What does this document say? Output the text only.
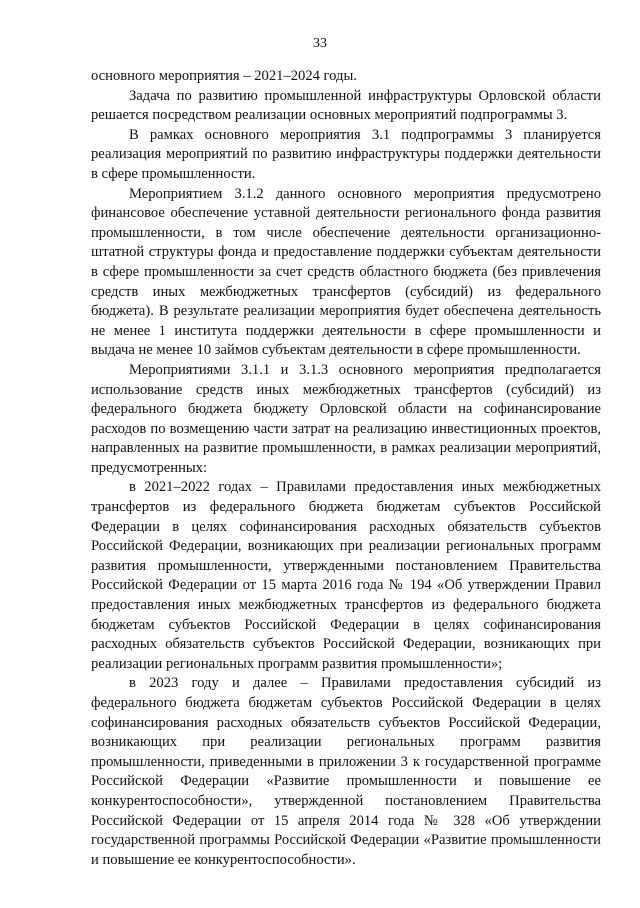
33

основного мероприятия – 2021–2024 годы.

Задача по развитию промышленной инфраструктуры Орловской области решается посредством реализации основных мероприятий подпрограммы 3.

В рамках основного мероприятия 3.1 подпрограммы 3 планируется реализация мероприятий по развитию инфраструктуры поддержки деятельности в сфере промышленности.

Мероприятием 3.1.2 данного основного мероприятия предусмотрено финансовое обеспечение уставной деятельности регионального фонда развития промышленности, в том числе обеспечение деятельности организационно-штатной структуры фонда и предоставление поддержки субъектам деятельности в сфере промышленности за счет средств областного бюджета (без привлечения средств иных межбюджетных трансфертов (субсидий) из федерального бюджета). В результате реализации мероприятия будет обеспечена деятельность не менее 1 института поддержки деятельности в сфере промышленности и выдача не менее 10 займов субъектам деятельности в сфере промышленности.

Мероприятиями 3.1.1 и 3.1.3 основного мероприятия предполагается использование средств иных межбюджетных трансфертов (субсидий) из федерального бюджета бюджету Орловской области на софинансирование расходов по возмещению части затрат на реализацию инвестиционных проектов, направленных на развитие промышленности, в рамках реализации мероприятий, предусмотренных:

в 2021–2022 годах – Правилами предоставления иных межбюджетных трансфертов из федерального бюджета бюджетам субъектов Российской Федерации в целях софинансирования расходных обязательств субъектов Российской Федерации, возникающих при реализации региональных программ развития промышленности, утвержденными постановлением Правительства Российской Федерации от 15 марта 2016 года № 194 «Об утверждении Правил предоставления иных межбюджетных трансфертов из федерального бюджета бюджетам субъектов Российской Федерации в целях софинансирования расходных обязательств субъектов Российской Федерации, возникающих при реализации региональных программ развития промышленности»;

в 2023 году и далее – Правилами предоставления субсидий из федерального бюджета бюджетам субъектов Российской Федерации в целях софинансирования расходных обязательств субъектов Российской Федерации, возникающих при реализации региональных программ развития промышленности, приведенными в приложении 3 к государственной программе Российской Федерации «Развитие промышленности и повышение ее конкурентоспособности», утвержденной постановлением Правительства Российской Федерации от 15 апреля 2014 года № 328 «Об утверждении государственной программы Российской Федерации «Развитие промышленности и повышение ее конкурентоспособности».
